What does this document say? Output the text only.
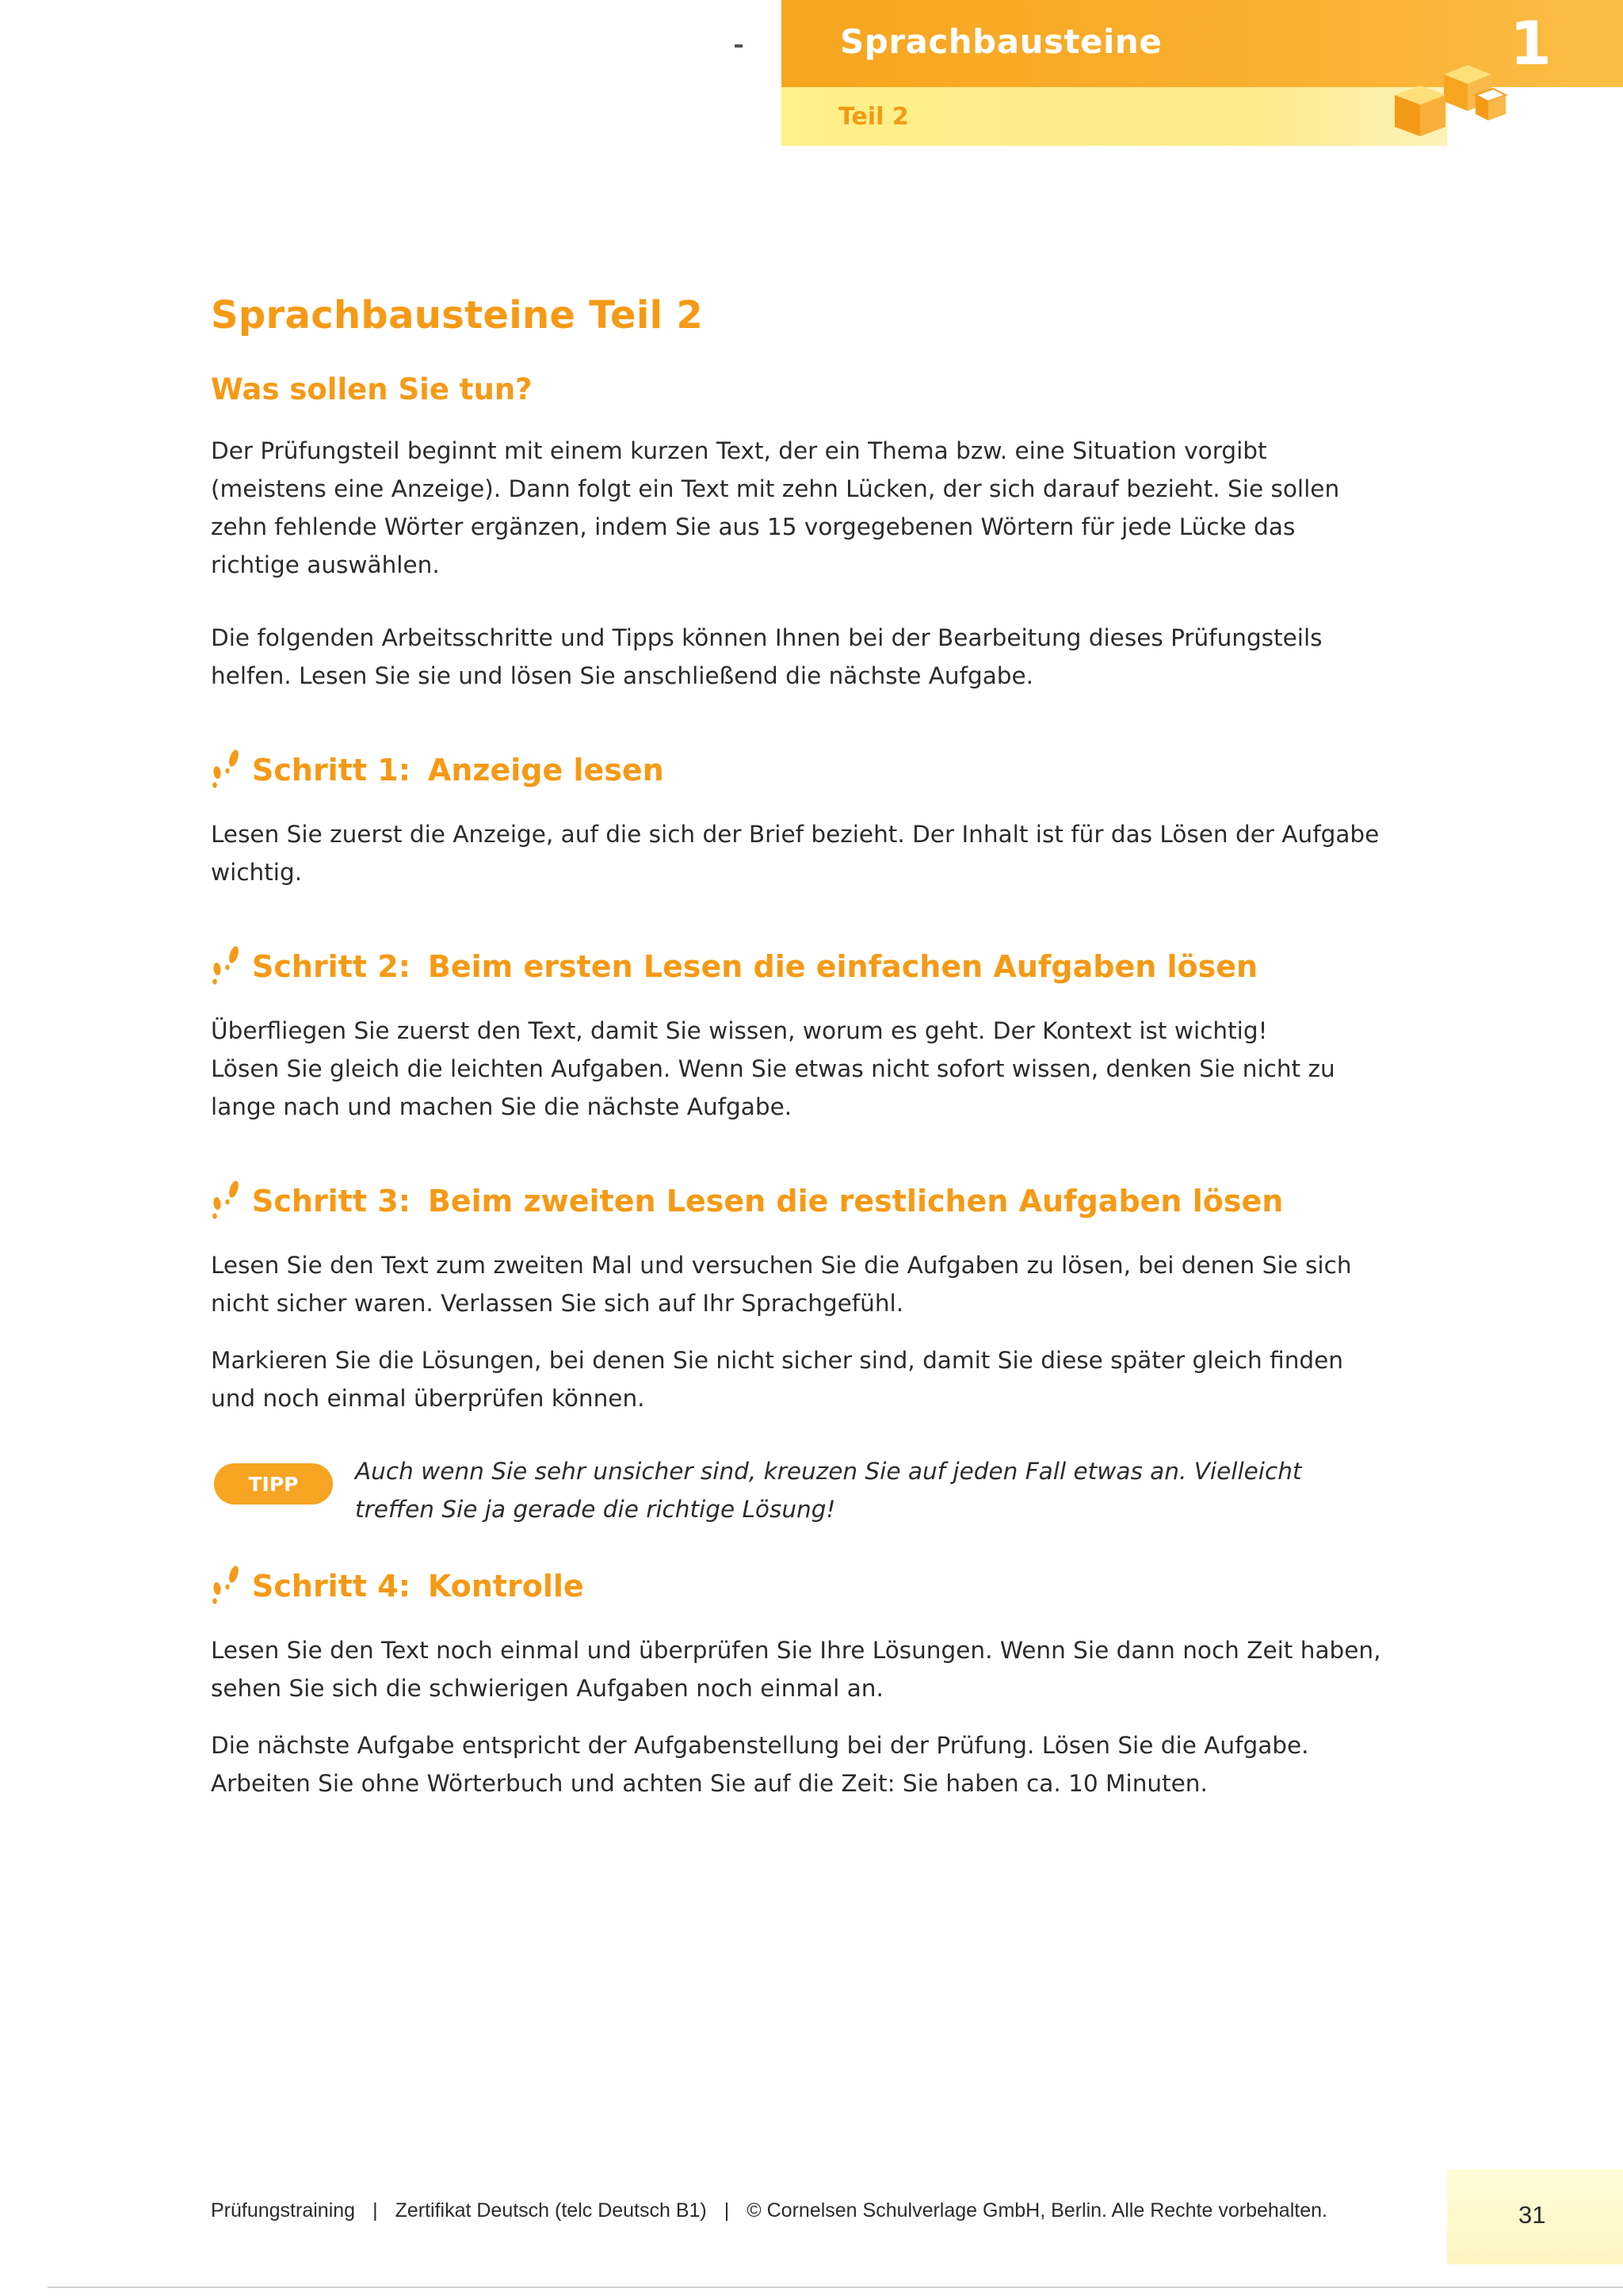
Sprachbausteine
Teil 2
1
Sprachbausteine Teil 2
Was sollen Sie tun?

Der Prüfungsteil beginnt mit einem kurzen Text, der ein Thema bzw. eine Situation vorgibt (meistens eine Anzeige). Dann folgt ein Text mit zehn Lücken, der sich darauf bezieht. Sie sollen zehn fehlende Wörter ergänzen, indem Sie aus 15 vorgegebenen Wörtern für jede Lücke das richtige auswählen.

Die folgenden Arbeitsschritte und Tipps können Ihnen bei der Bearbeitung dieses Prüfungsteils helfen. Lesen Sie sie und lösen Sie anschließend die nächste Aufgabe.

Schritt 1: Anzeige lesen

Lesen Sie zuerst die Anzeige, auf die sich der Brief bezieht. Der Inhalt ist für das Lösen der Aufgabe wichtig.

Schritt 2: Beim ersten Lesen die einfachen Aufgaben lösen

Überfliegen Sie zuerst den Text, damit Sie wissen, worum es geht. Der Kontext ist wichtig!

Lösen Sie gleich die leichten Aufgaben. Wenn Sie etwas nicht sofort wissen, denken Sie nicht zu lange nach und machen Sie die nächste Aufgabe.

Schritt 3: Beim zweiten Lesen die restlichen Aufgaben lösen

Lesen Sie den Text zum zweiten Mal und versuchen Sie die Aufgaben zu lösen, bei denen Sie sich nicht sicher waren. Verlassen Sie sich auf Ihr Sprachgefühl.

Markieren Sie die Lösungen, bei denen Sie nicht sicher sind, damit Sie diese später gleich finden und noch einmal überprüfen können.

TIPP	Auch wenn Sie sehr unsicher sind, kreuzen Sie auf jeden Fall etwas an. Vielleicht treffen Sie ja gerade die richtige Lösung!
Schritt 4: Kontrolle

Lesen Sie den Text noch einmal und überprüfen Sie Ihre Lösungen. Wenn Sie dann noch Zeit haben, sehen Sie sich die schwierigen Aufgaben noch einmal an.

Die nächste Aufgabe entspricht der Aufgabenstellung bei der Prüfung. Lösen Sie die Aufgabe. Arbeiten Sie ohne Wörterbuch und achten Sie auf die Zeit: Sie haben ca. 10 Minuten.

Prüfungstraining | Zertifikat Deutsch (telc Deutsch B1) | © Cornelsen Schulverlage GmbH, Berlin. Alle Rechte vorbehalten.	31
